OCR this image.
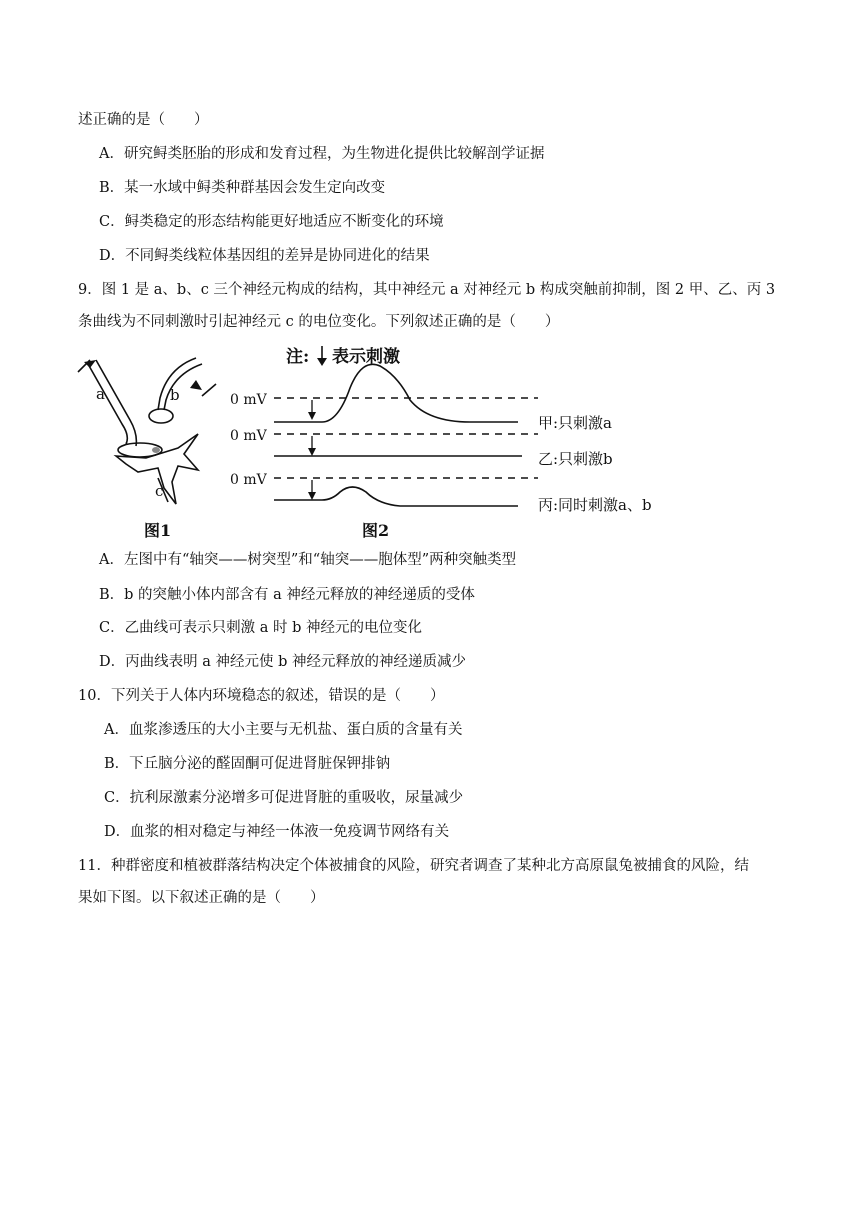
述正确的是（　　）
A．研究鲟类胚胎的形成和发育过程，为生物进化提供比较解剖学证据
B．某一水域中鲟类种群基因会发生定向改变
C．鲟类稳定的形态结构能更好地适应不断变化的环境
D．不同鲟类线粒体基因组的差异是协同进化的结果
9．图 1 是 a、b、c 三个神经元构成的结构，其中神经元 a 对神经元 b 构成突触前抑制，图 2 甲、乙、丙 3
条曲线为不同刺激时引起神经元 c 的电位变化。下列叙述正确的是（　　）
a	b
c
图1
注: 表示刺激
0 mV
0 mV
0 mV
甲:只刺激a
乙:只刺激b
丙:同时刺激a、b
图2
A．左图中有“轴突——树突型”和“轴突——胞体型”两种突触类型
B．b 的突触小体内部含有 a 神经元释放的神经递质的受体
C．乙曲线可表示只刺激 a 时 b 神经元的电位变化
D．丙曲线表明 a 神经元使 b 神经元释放的神经递质减少
10．下列关于人体内环境稳态的叙述，错误的是（　　）
A．血浆渗透压的大小主要与无机盐、蛋白质的含量有关
B．下丘脑分泌的醛固酮可促进肾脏保钾排钠
C．抗利尿激素分泌增多可促进肾脏的重吸收，尿量减少
D．血浆的相对稳定与神经一体液一免疫调节网络有关
11．种群密度和植被群落结构决定个体被捕食的风险，研究者调查了某种北方高原鼠兔被捕食的风险，结
果如下图。以下叙述正确的是（　　）
